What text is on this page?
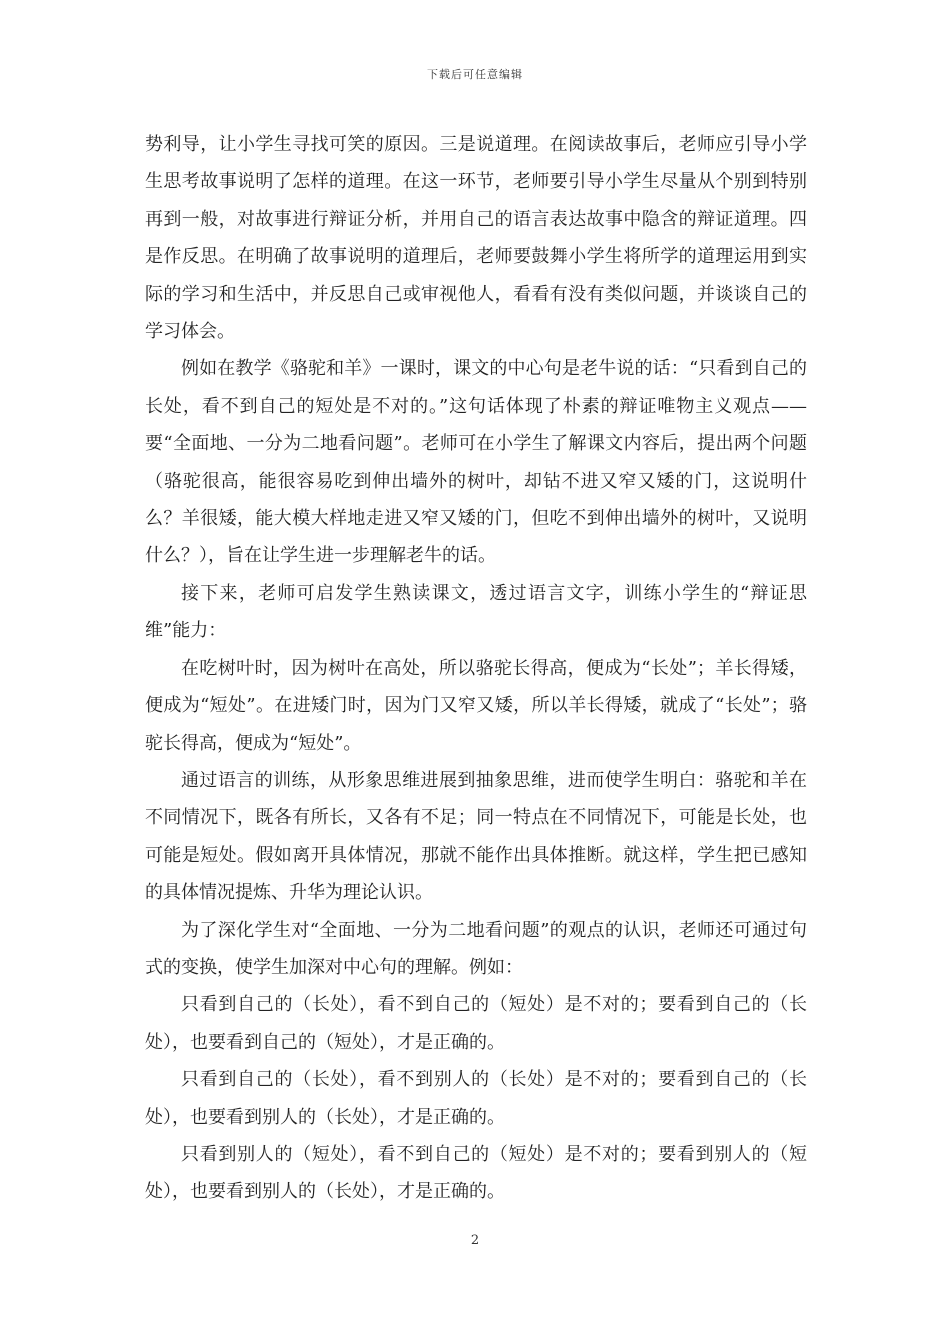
下载后可任意编辑

势利导，让小学生寻找可笑的原因。三是说道理。在阅读故事后，老师应引导小学生思考故事说明了怎样的道理。在这一环节，老师要引导小学生尽量从个别到特别再到一般，对故事进行辩证分析，并用自己的语言表达故事中隐含的辩证道理。四是作反思。在明确了故事说明的道理后，老师要鼓舞小学生将所学的道理运用到实际的学习和生活中，并反思自己或审视他人，看看有没有类似问题，并谈谈自己的学习体会。

例如在教学《骆驼和羊》一课时，课文的中心句是老牛说的话：“只看到自己的长处，看不到自己的短处是不对的。”这句话体现了朴素的辩证唯物主义观点——要“全面地、一分为二地看问题”。老师可在小学生了解课文内容后，提出两个问题（骆驼很高，能很容易吃到伸出墙外的树叶，却钻不进又窄又矮的门，这说明什么？羊很矮，能大模大样地走进又窄又矮的门，但吃不到伸出墙外的树叶，又说明什么？），旨在让学生进一步理解老牛的话。

接下来，老师可启发学生熟读课文，透过语言文字，训练小学生的“辩证思维”能力：

在吃树叶时，因为树叶在高处，所以骆驼长得高，便成为“长处”；羊长得矮，便成为“短处”。在进矮门时，因为门又窄又矮，所以羊长得矮，就成了“长处”；骆驼长得高，便成为“短处”。

通过语言的训练，从形象思维进展到抽象思维，进而使学生明白：骆驼和羊在不同情况下，既各有所长，又各有不足；同一特点在不同情况下，可能是长处，也可能是短处。假如离开具体情况，那就不能作出具体推断。就这样，学生把已感知的具体情况提炼、升华为理论认识。

为了深化学生对“全面地、一分为二地看问题”的观点的认识，老师还可通过句式的变换，使学生加深对中心句的理解。例如：

只看到自己的（长处），看不到自己的（短处）是不对的；要看到自己的（长处），也要看到自己的（短处），才是正确的。

只看到自己的（长处），看不到别人的（长处）是不对的；要看到自己的（长处），也要看到别人的（长处），才是正确的。

只看到别人的（短处），看不到自己的（短处）是不对的；要看到别人的（短处），也要看到别人的（长处），才是正确的。

2
